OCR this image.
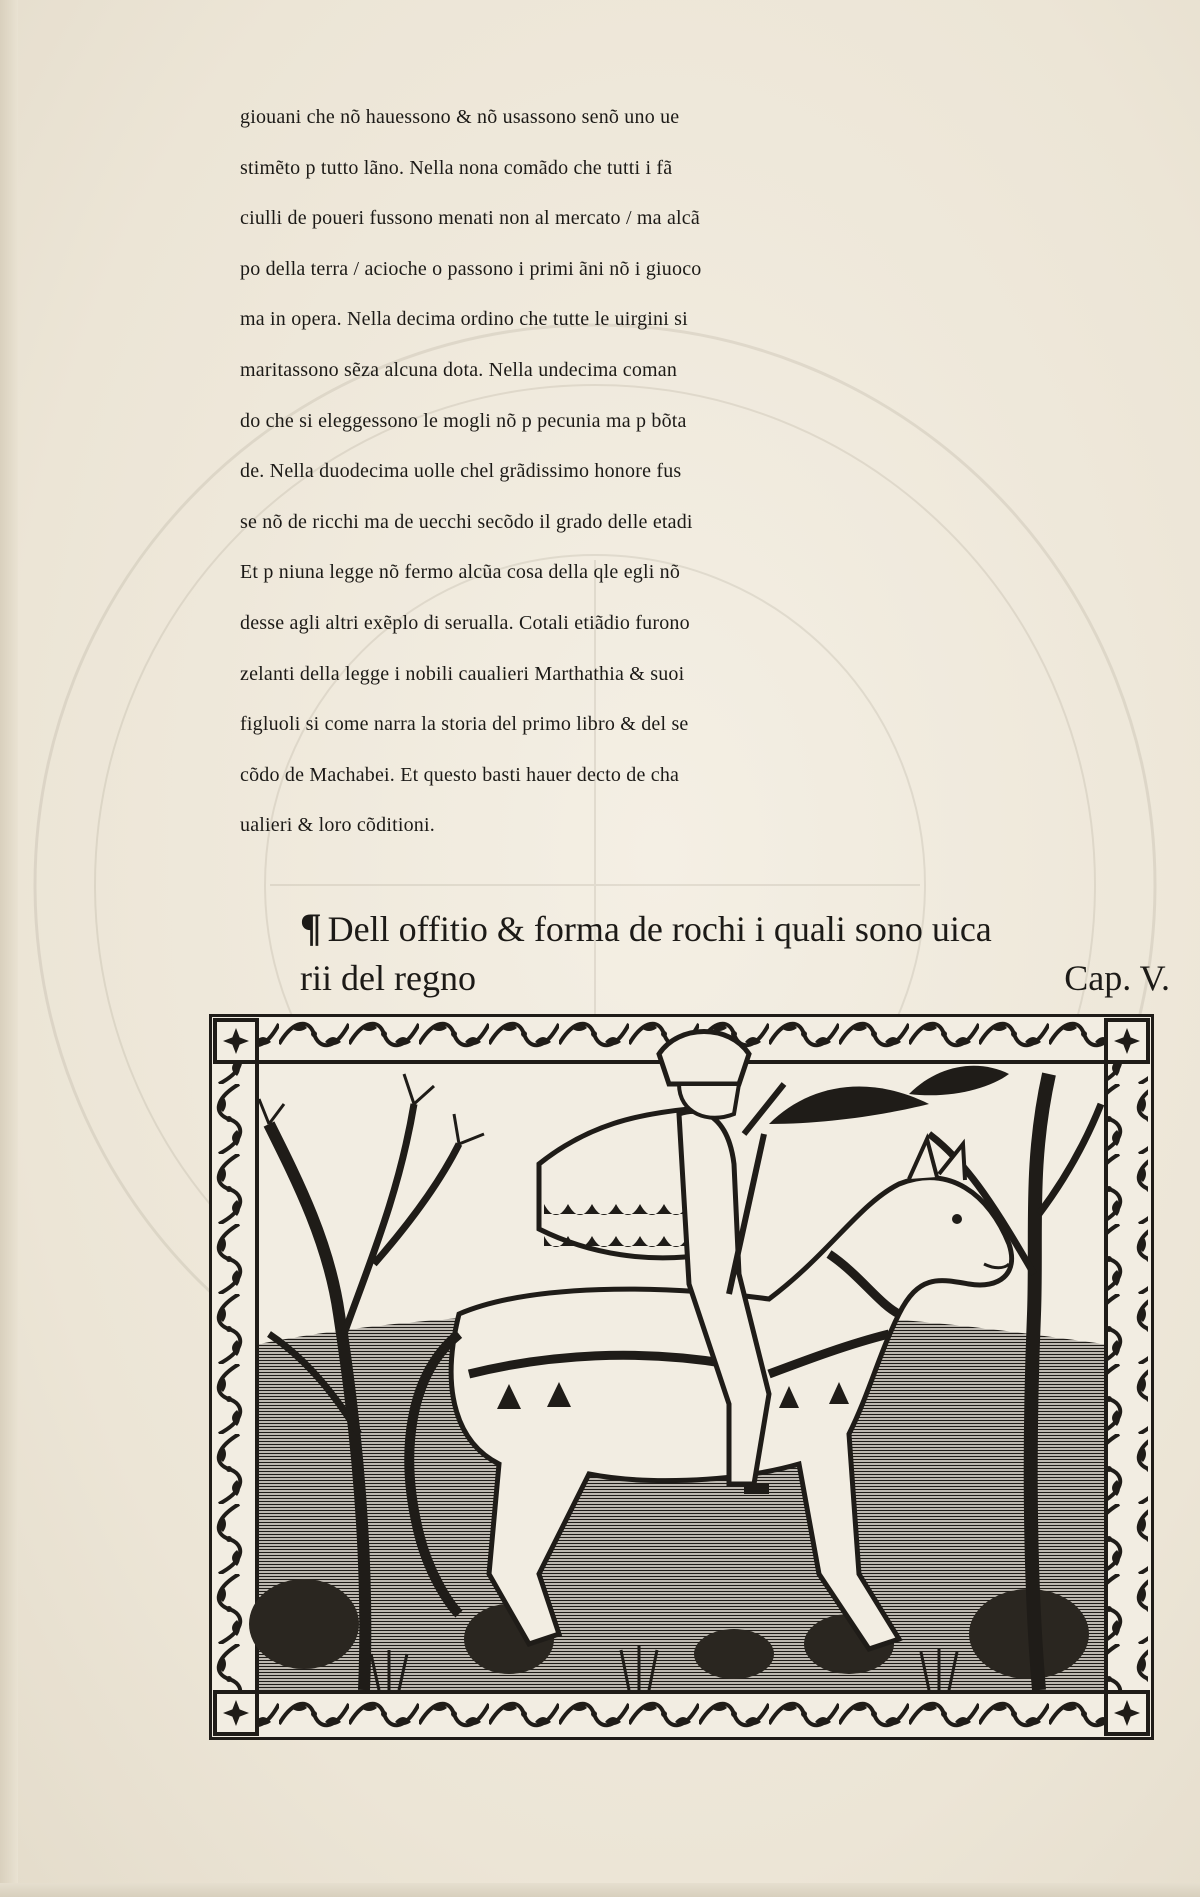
giouani che nõ hauessono & nõ usassono senõ uno ue
stimẽto p tutto lãno. Nella nona comãdo che tutti i fã
ciulli de poueri fussono menati non al mercato / ma alcã
po della terra / acioche o passono i primi ãni nõ i giuoco
ma in opera. Nella decima ordino che tutte le uirgini si
maritassono sẽza alcuna dota. Nella undecima coman
do che si eleggessono le mogli nõ p pecunia ma p bõta
de. Nella duodecima uolle chel grãdissimo honore fus
se nõ de ricchi ma de uecchi secõdo il grado delle etadi
Et p niuna legge nõ fermo alcũa cosa della qle egli nõ
desse agli altri exẽplo di serualla. Cotali etiãdio furono
zelanti della legge i nobili caualieri Marthathia & suoi
figluoli si come narra la storia del primo libro & del se
cõdo de Machabei. Et questo basti hauer decto de cha
ualieri & loro cõditioni.
¶ Dell offitio & forma de rochi i quali sono uica
rii del regno	Cap. V.
